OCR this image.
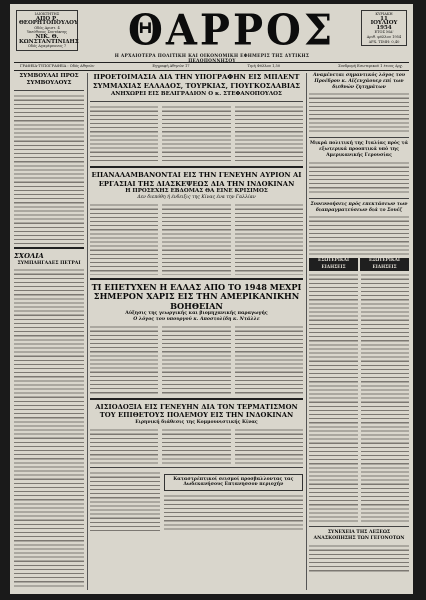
ΙΔΙΟΚΤΗΤΗΣ
ΑΠΟ Ρ. ΘΕΟΡΗΤΟΠΟΥΛΟΥ
Οδός Αριστ. 4
Υπεύθυνος Συντάκτης
ΝΙΚ. Θ. ΚΩΝΣΤΑΝΤΙΝΙΔΗΣ
Οδός Αγαμέμνονος 7 ΘΑΡΡΟΣ
Η ΑΡΧΑΙΟΤΕΡΑ ΠΟΛΙΤΙΚΗ ΚΑΙ ΟΙΚΟΝΟΜΙΚΗ ΕΦΗΜΕΡΙΣ ΤΗΣ ΔΥΤΙΚΗΣ ΠΕΛΟΠΟΝΝΗΣΟΥ
ΚΥΡΙΑΚΗ
11
ΙΟΥΛΙΟΥ 1954
ΕΤΟΣ ΜΑ'
Αριθ. φύλλου 1954
ΔΡΧ. ΤΙΜΗ: 0,40
ΓΡΑΦΕΙΑ-ΤΥΠΟΓΡΑΦΕΙΑ : Οδός Αθηνών	Εγγραφή Αθηνών 17	Τιμή Φύλλου 1,50	Συνδρομή Εσωτερικού 1 έτους Δρχ.
ΣΥΜΒΟΥΛΑΙ ΠΡΟΣ ΣΥΜΒΟΥΛΟΥΣ
ΣΧΟΛΙΑ
ΣΥΜΠΛΗΓΑΔΕΣ ΠΕΤΡΑΙ
ΠΡΟΕΤΟΙΜΑΣΙΑ ΔΙΑ ΤΗΝ ΥΠΟΓΡΑΦΗΝ ΕΙΣ ΜΠΛΕΝΤ ΣΥΜΜΑΧΙΑΣ ΕΛΛΑΔΟΣ, ΤΟΥΡΚΙΑΣ, ΓΙΟΥΓΚΟΣΛΑΒΙΑΣ
ΑΝΗΧΩΡΕΙ ΕΙΣ ΒΕΛΙΓΡΑΔΙΟΝ Ο κ. ΣΤΕΦΑΝΟΠΟΥΛΟΣ
ΕΠΑΝΑΛΑΜΒΑΝΟΝΤΑΙ ΕΙΣ ΤΗΝ ΓΕΝΕΥΗΝ ΑΥΡΙΟΝ ΑΙ ΕΡΓΑΣΙΑΙ ΤΗΣ ΔΙΑΣΚΕΨΕΩΣ ΔΙΑ ΤΗΝ ΙΝΔΟΚΙΝΑΝ
Η ΠΡΟΣΕΧΗΣ ΕΒΔΟΜΑΣ ΘΑ ΕΙΝΕ ΚΡΙΣΙΜΟΣ
Δεν διεπόθη ή ένδειξις της Κίνας ένα την Γαλλίαν
ΤΙ ΕΠΕΤΥΧΕΝ Η ΕΛΛΑΣ ΑΠΟ ΤΟ 1948 ΜΕΧΡΙ ΣΗΜΕΡΟΝ ΧΑΡΙΣ ΕΙΣ ΤΗΝ ΑΜΕΡΙΚΑΝΙΚΗΝ ΒΟΗΘΕΙΑΝ
Αύξησις της γεωργικής και βιομηχανικής παραγωγής
Ο λόγος του υπουργού κ. Αποστολίδη κ. Ντάλλε
ΑΙΣΙΟΔΟΞΙΑ ΕΙΣ ΓΕΝΕΥΗΝ ΔΙΑ ΤΟΝ ΤΕΡΜΑΤΙΣΜΟΝ ΤΟΥ ΕΠΙΘΕΤΟΥΣ ΠΟΛΕΜΟΥ ΕΙΣ ΤΗΝ ΙΝΔΟΚΙΝΑΝ
Ειρηνική διάθεσις της Κομμουνιστικής Κίνας
Καταστρέπτικοί σεισμοί προσβαλλοντας τας Δωδεκανήσους Επτανησσον περιοχήν
Αναμένεται σημαντικός λόγος του Προέδρου κ. Αϊζενχάουερ επί των διεθνών ζητημάτων
Μικρά πολιτική της Ιταλίας πρός τά εξωτερικά προοπτικά υπό της Αμερικανικής Γερουσίας
Συνεννοήσεις πρός επεκτάσεων των διαπραγματεύσεων διά το Σουέζ
ΕΣΩΤΕΡΙΚΑΙ ΕΙΔΗΣΕΙΣ
ΕΞΩΤΕΡΙΚΑΙ ΕΙΔΗΣΕΙΣ
ΣΥΝΕΧΕΙΑ ΤΗΣ ΛΕΞΕΩΣ ΑΝΑΣΚΟΠΗΣΗΣ ΤΩΝ ΓΕΓΟΝΟΤΩΝ
